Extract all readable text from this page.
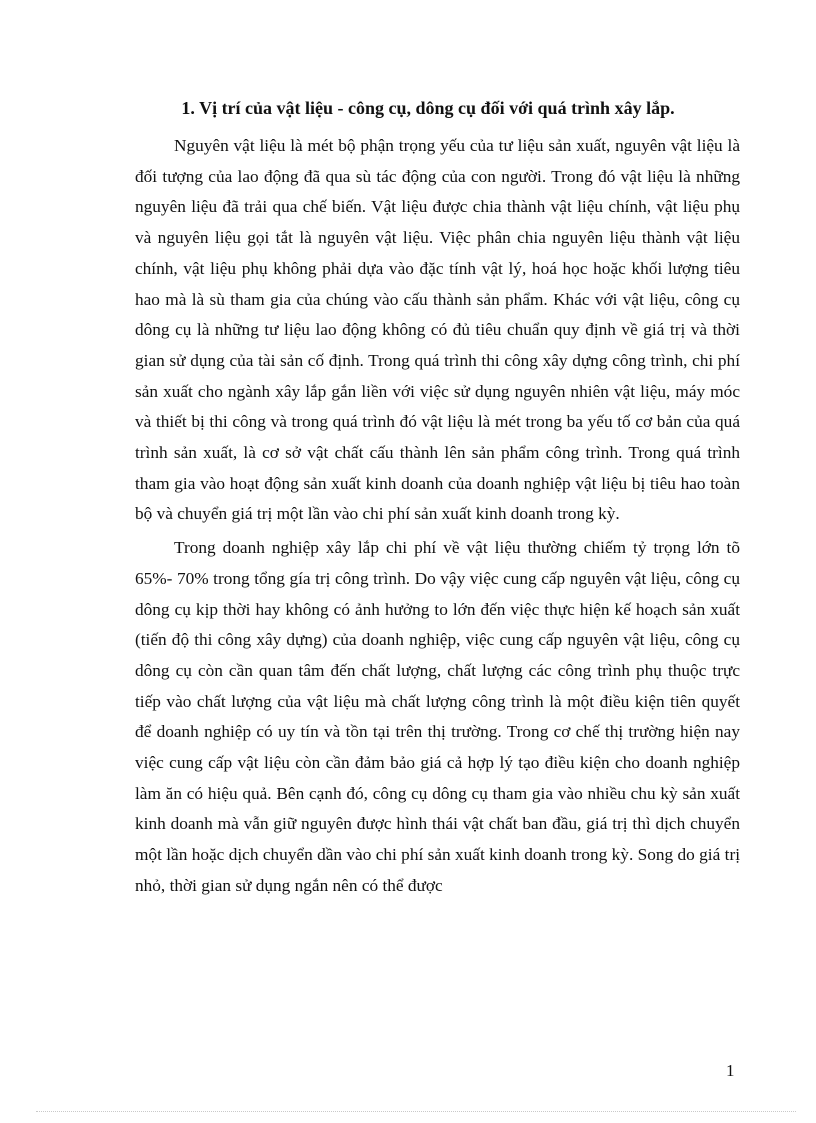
1. Vị trí của vật liệu - công cụ, dông cụ đối với quá trình xây lắp.

Nguyên vật liệu là mét bộ phận trọng yếu của tư liệu sản xuất, nguyên vật liệu là đối tượng của lao động đã qua sù tác động của con người. Trong đó vật liệu là những nguyên liệu đã trải qua chế biến. Vật liệu được chia thành vật liệu chính, vật liệu phụ và nguyên liệu gọi tắt là nguyên vật liệu. Việc phân chia nguyên liệu thành vật liệu chính, vật liệu phụ không phải dựa vào đặc tính vật lý, hoá học hoặc khối lượng tiêu hao mà là sù tham gia của chúng vào cấu thành sản phẩm. Khác với vật liệu, công cụ dông cụ là những tư liệu lao động không có đủ tiêu chuẩn quy định về giá trị và thời gian sử dụng của tài sản cố định. Trong quá trình thi công xây dựng công trình, chi phí sản xuất cho ngành xây lắp gắn liền với việc sử dụng nguyên nhiên vật liệu, máy móc và thiết bị thi công và trong quá trình đó vật liệu là mét trong ba yếu tố cơ bản của quá trình sản xuất, là cơ sở vật chất cấu thành lên sản phẩm công trình. Trong quá trình tham gia vào hoạt động sản xuất kinh doanh của doanh nghiệp vật liệu bị tiêu hao toàn bộ và chuyển giá trị một lần vào chi phí sản xuất kinh doanh trong kỳ.

Trong doanh nghiệp xây lắp chi phí về vật liệu thường chiếm tỷ trọng lớn tõ 65%- 70% trong tổng gía trị công trình. Do vậy việc cung cấp nguyên vật liệu, công cụ dông cụ kịp thời hay không có ảnh hưởng to lớn đến việc thực hiện kế hoạch sản xuất (tiến độ thi công xây dựng) của doanh nghiệp, việc cung cấp nguyên vật liệu, công cụ dông cụ còn cần quan tâm đến chất lượng, chất lượng các công trình phụ thuộc trực tiếp vào chất lượng của vật liệu mà chất lượng công trình là một điều kiện tiên quyết để doanh nghiệp có uy tín và tồn tại trên thị trường. Trong cơ chế thị trường hiện nay việc cung cấp vật liệu còn cần đảm bảo giá cả hợp lý tạo điều kiện cho doanh nghiệp làm ăn có hiệu quả. Bên cạnh đó, công cụ dông cụ tham gia vào nhiều chu kỳ sản xuất kinh doanh mà vẫn giữ nguyên được hình thái vật chất ban đầu, giá trị thì dịch chuyển một lần hoặc dịch chuyển dần vào chi phí sản xuất kinh doanh trong kỳ. Song do giá trị nhỏ, thời gian sử dụng ngắn nên có thể được

1
